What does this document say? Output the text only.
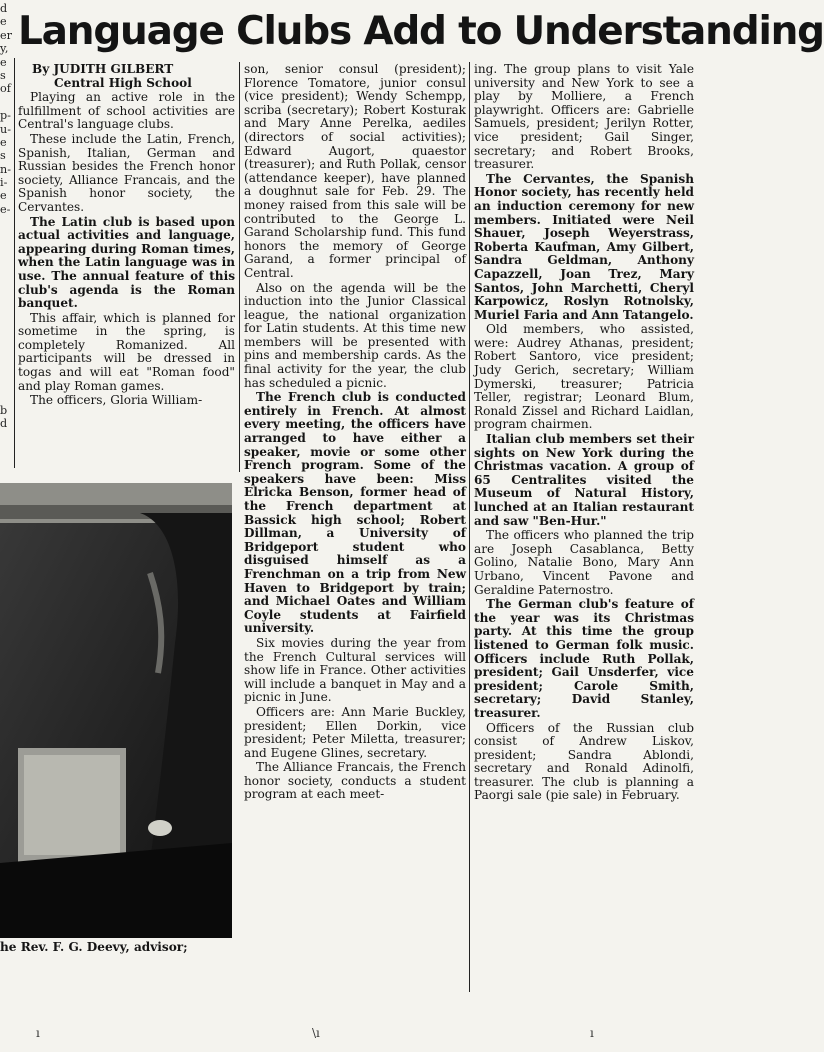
d
e
er
y,
e
s
of
p-
u-
e
s
n-
i-
e
e-
b
d
Language Clubs Add to Understanding

By JUDITH GILBERT

Central High School

Playing an active role in the fulfillment of school activities are Central's language clubs.

These include the Latin, French, Spanish, Italian, German and Russian besides the French honor society, Alliance Francais, and the Spanish honor society, the Cervantes.

The Latin club is based upon actual activities and language, appearing during Roman times, when the Latin language was in use. The annual feature of this club's agenda is the Roman banquet.

This affair, which is planned for sometime in the spring, is completely Romanized. All participants will be dressed in togas and will eat "Roman food" and play Roman games.

The officers, Gloria William-

he Rev. F. G. Deevy, advisor;

son, senior consul (president); Florence Tomatore, junior consul (vice president); Wendy Schempp, scriba (secretary); Robert Kosturak and Mary Anne Perelka, aediles (directors of social activities); Edward Augort, quaestor (treasurer); and Ruth Pollak, censor (attendance keeper), have planned a doughnut sale for Feb. 29. The money raised from this sale will be contributed to the George L. Garand Scholarship fund. This fund honors the memory of George Garand, a former principal of Central.

Also on the agenda will be the induction into the Junior Classical league, the national organization for Latin students. At this time new members will be presented with pins and membership cards. As the final activity for the year, the club has scheduled a picnic.

The French club is conducted entirely in French. At almost every meeting, the officers have arranged to have either a speaker, movie or some other French program. Some of the speakers have been: Miss Elricka Benson, former head of the French department at Bassick high school; Robert Dillman, a University of Bridgeport student who disguised himself as a Frenchman on a trip from New Haven to Bridgeport by train; and Michael Oates and William Coyle students at Fairfield university.

Six movies during the year from the French Cultural services will show life in France. Other activities will include a banquet in May and a picnic in June.

Officers are: Ann Marie Buckley, president; Ellen Dorkin, vice president; Peter Miletta, treasurer; and Eugene Glines, secretary.

The Alliance Francais, the French honor society, conducts a student program at each meet-

ing. The group plans to visit Yale university and New York to see a play by Molliere, a French playwright. Officers are: Gabrielle Samuels, president; Jerilyn Rotter, vice president; Gail Singer, secretary; and Robert Brooks, treasurer.

The Cervantes, the Spanish Honor society, has recently held an induction ceremony for new members. Initiated were Neil Shauer, Joseph Weyerstrass, Roberta Kaufman, Amy Gilbert, Sandra Geldman, Anthony Capazzell, Joan Trez, Mary Santos, John Marchetti, Cheryl Karpowicz, Roslyn Rotnolsky, Muriel Faria and Ann Tatangelo.

Old members, who assisted, were: Audrey Athanas, president; Robert Santoro, vice president; Judy Gerich, secretary; William Dymerski, treasurer; Patricia Teller, registrar; Leonard Blum, Ronald Zissel and Richard Laidlan, program chairmen.

Italian club members set their sights on New York during the Christmas vacation. A group of 65 Centralites visited the Museum of Natural History, lunched at an Italian restaurant and saw "Ben-Hur."

The officers who planned the trip are Joseph Casablanca, Betty Golino, Natalie Bono, Mary Ann Urbano, Vincent Pavone and Geraldine Paternostro.

The German club's feature of the year was its Christmas party. At this time the group listened to German folk music. Officers include Ruth Pollak, president; Gail Unsderfer, vice president; Carole Smith, secretary; David Stanley, treasurer.

Officers of the Russian club consist of Andrew Liskov, president; Sandra Ablondi, secretary and Ronald Adinolfi, treasurer. The club is planning a Paorgi sale (pie sale) in February.

ı	\ı	ı
